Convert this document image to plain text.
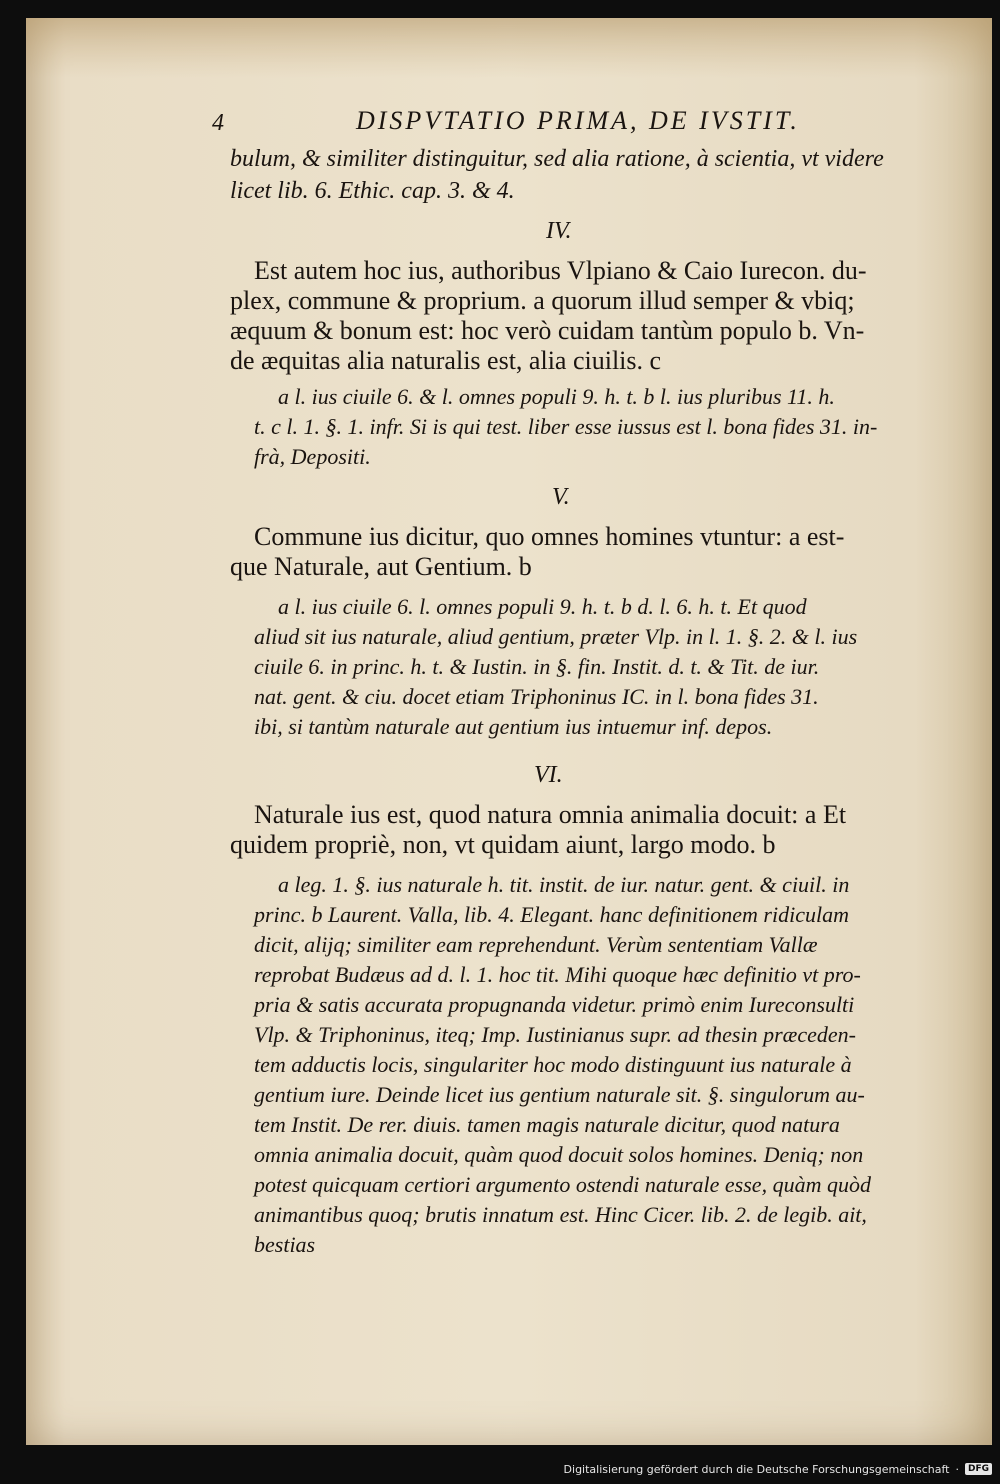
4	DISPVTATIO PRIMA, DE IVSTIT.
bulum, & similiter distinguitur, sed alia ratione, à scientia, vt videre
licet lib. 6. Ethic. cap. 3. & 4.
IV.
Est autem hoc ius, authoribus Vlpiano & Caio Iurecon. du-
plex, commune & proprium. a quorum illud semper & vbiq;
æquum & bonum est: hoc verò cuidam tantùm populo b. Vn-
de æquitas alia naturalis est, alia ciuilis. c
a l. ius ciuile 6. & l. omnes populi 9. h. t. b l. ius pluribus 11. h.
t. c l. 1. §. 1. infr. Si is qui test. liber esse iussus est l. bona fides 31. in-
frà, Depositi.
V.
Commune ius dicitur, quo omnes homines vtuntur: a est-
que Naturale, aut Gentium. b
a l. ius ciuile 6. l. omnes populi 9. h. t. b d. l. 6. h. t. Et quod
aliud sit ius naturale, aliud gentium, præter Vlp. in l. 1. §. 2. & l. ius
ciuile 6. in princ. h. t. & Iustin. in §. fin. Instit. d. t. & Tit. de iur.
nat. gent. & ciu. docet etiam Triphoninus IC. in l. bona fides 31.
ibi, si tantùm naturale aut gentium ius intuemur inf. depos.
VI.
Naturale ius est, quod natura omnia animalia docuit: a Et
quidem propriè, non, vt quidam aiunt, largo modo. b
a leg. 1. §. ius naturale h. tit. instit. de iur. natur. gent. & ciuil. in
princ. b Laurent. Valla, lib. 4. Elegant. hanc definitionem ridiculam
dicit, alijq; similiter eam reprehendunt. Verùm sententiam Vallæ
reprobat Budæus ad d. l. 1. hoc tit. Mihi quoque hæc definitio vt pro-
pria & satis accurata propugnanda videtur. primò enim Iureconsulti
Vlp. & Triphoninus, iteq; Imp. Iustinianus supr. ad thesin præceden-
tem adductis locis, singulariter hoc modo distinguunt ius naturale à
gentium iure. Deinde licet ius gentium naturale sit. §. singulorum au-
tem Instit. De rer. diuis. tamen magis naturale dicitur, quod natura
omnia animalia docuit, quàm quod docuit solos homines. Deniq; non
potest quicquam certiori argumento ostendi naturale esse, quàm quòd
animantibus quoq; brutis innatum est. Hinc Cicer. lib. 2. de legib. ait,
bestias
Digitalisierung gefördert durch die Deutsche Forschungsgemeinschaft ·	DFG
